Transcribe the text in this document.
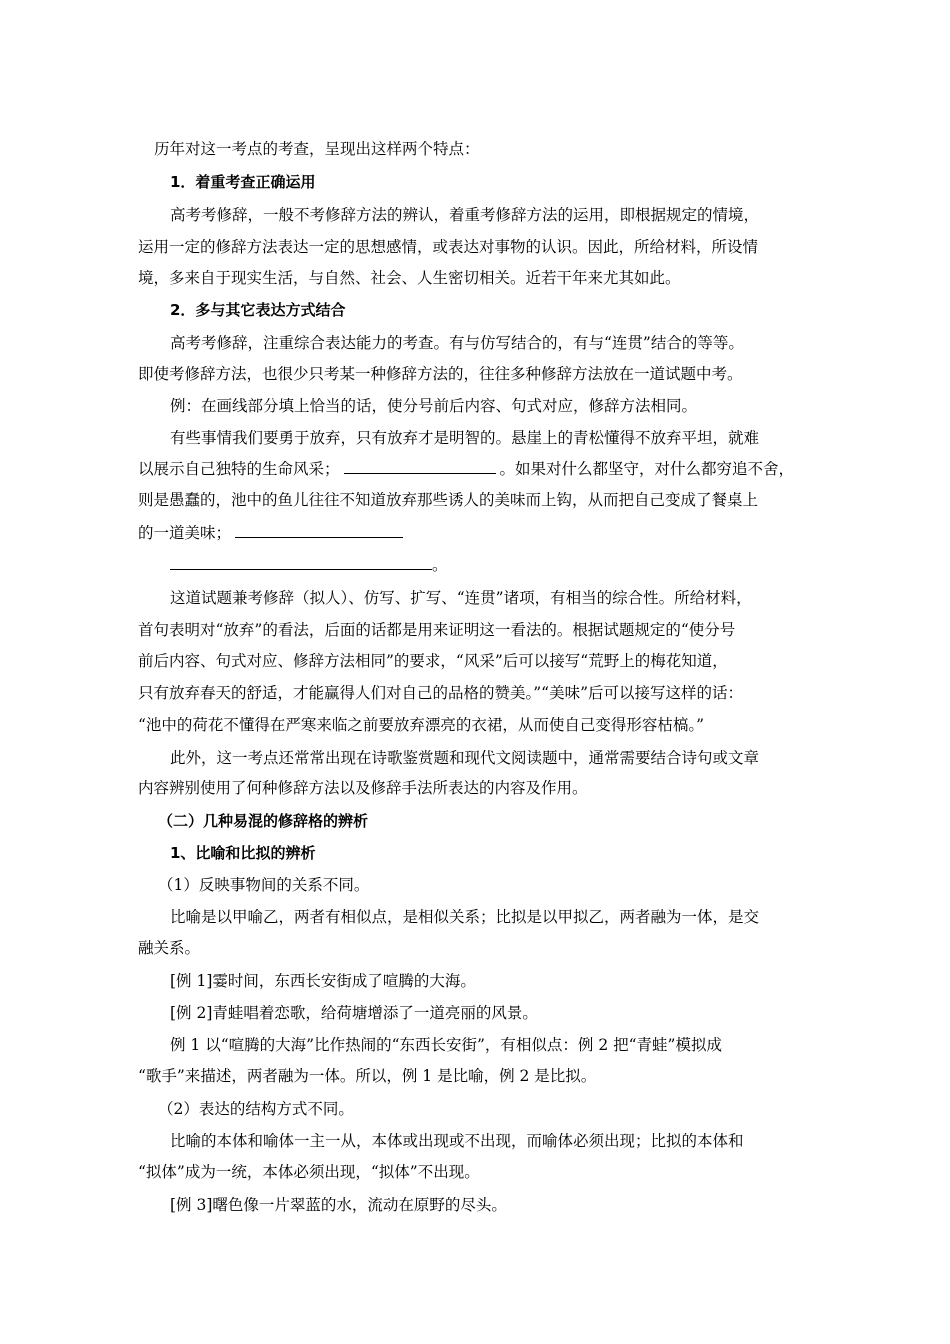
历年对这一考点的考查，呈现出这样两个特点：
1．着重考查正确运用
高考考修辞，一般不考修辞方法的辨认，着重考修辞方法的运用，即根据规定的情境，
运用一定的修辞方法表达一定的思想感情，或表达对事物的认识。因此，所给材料，所设情
境，多来自于现实生活，与自然、社会、人生密切相关。近若干年来尤其如此。
2．多与其它表达方式结合
高考考修辞，注重综合表达能力的考查。有与仿写结合的，有与“连贯”结合的等等。
即使考修辞方法，也很少只考某一种修辞方法的，往往多种修辞方法放在一道试题中考。
例：在画线部分填上恰当的话，使分号前后内容、句式对应，修辞方法相同。
有些事情我们要勇于放弃，只有放弃才是明智的。悬崖上的青松懂得不放弃平坦，就难
以展示自己独特的生命风采；	。如果对什么都坚守，对什么都穷追不舍，
则是愚蠢的，池中的鱼儿往往不知道放弃那些诱人的美味而上钩，从而把自己变成了餐桌上
的一道美味；
。
这道试题兼考修辞（拟人）、仿写、扩写、“连贯”诸项，有相当的综合性。所给材料，
首句表明对“放弃”的看法，后面的话都是用来证明这一看法的。根据试题规定的“使分号
前后内容、句式对应、修辞方法相同”的要求，“风采”后可以接写“荒野上的梅花知道，
只有放弃春天的舒适，才能赢得人们对自己的品格的赞美。”“美味”后可以接写这样的话：
“池中的荷花不懂得在严寒来临之前要放弃漂亮的衣裙，从而使自己变得形容枯槁。”
此外，这一考点还常常出现在诗歌鉴赏题和现代文阅读题中，通常需要结合诗句或文章
内容辨别使用了何种修辞方法以及修辞手法所表达的内容及作用。
（二）几种易混的修辞格的辨析
1、比喻和比拟的辨析
（1）反映事物间的关系不同。
比喻是以甲喻乙，两者有相似点，是相似关系；比拟是以甲拟乙，两者融为一体，是交
融关系。
[例 1]霎时间，东西长安街成了喧腾的大海。
[例 2]青蛙唱着恋歌，给荷塘增添了一道亮丽的风景。
例 1 以“喧腾的大海”比作热闹的“东西长安街”，有相似点：例 2 把“青蛙”模拟成
“歌手”来描述，两者融为一体。所以，例 1 是比喻，例 2 是比拟。
（2）表达的结构方式不同。
比喻的本体和喻体一主一从，本体或出现或不出现，而喻体必须出现；比拟的本体和
“拟体”成为一统，本体必须出现，“拟体”不出现。
[例 3]曙色像一片翠蓝的水，流动在原野的尽头。
